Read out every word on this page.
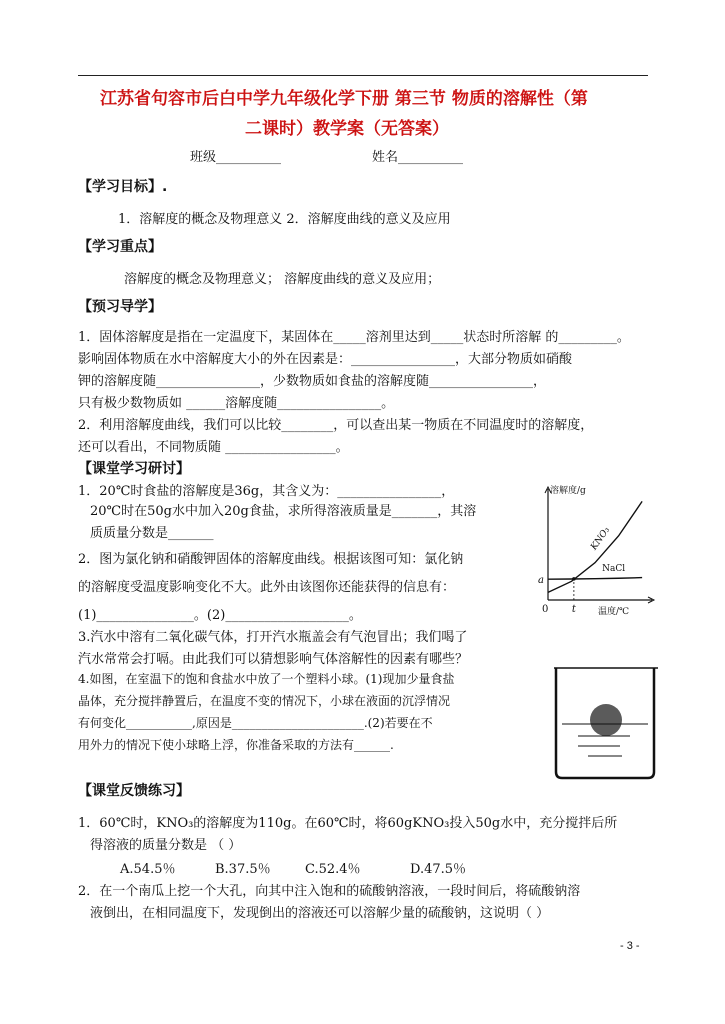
江苏省句容市后白中学九年级化学下册 第三节 物质的溶解性（第
二课时）教学案（无答案）
班级__________	姓名__________
【学习目标】.
1．溶解度的概念及物理意义 2．溶解度曲线的意义及应用
【学习重点】
溶解度的概念及物理意义； 溶解度曲线的意义及应用；
【预习导学】
1．固体溶解度是指在一定温度下，某固体在_____溶剂里达到_____状态时所溶解 的_________。
影响固体物质在水中溶解度大小的外在因素是：________________，大部分物质如硝酸
钾的溶解度随________________，少数物质如食盐的溶解度随________________，
只有极少数物质如 ______溶解度随________________。
2．利用溶解度曲线，我们可以比较________，可以查出某一物质在不同温度时的溶解度，
还可以看出，不同物质随 _________________。
【课堂学习研讨】
1．20℃时食盐的溶解度是36g，其含义为：________________，
20℃时在50g水中加入20g食盐，求所得溶液质量是_______，其溶
质质量分数是_______
2．图为氯化钠和硝酸钾固体的溶解度曲线。根据该图可知：氯化钠
的溶解度受温度影响变化不大。此外由该图你还能获得的信息有：
(1)_______________。(2)___________________。
3.汽水中溶有二氧化碳气体，打开汽水瓶盖会有气泡冒出；我们喝了
汽水常常会打嗝。由此我们可以猜想影响气体溶解性的因素有哪些？
4.如图，在室温下的饱和食盐水中放了一个塑料小球。(1)现加少量食盐
晶体，充分搅拌静置后，在温度不变的情况下，小球在液面的沉浮情况
有何变化___________,原因是______________________.(2)若要在不
用外力的情况下使小球略上浮，你准备采取的方法有______.
【课堂反馈练习】
1．60℃时，KNO₃的溶解度为110g。在60℃时，将60gKNO₃投入50g水中，充分搅拌后所
得溶液的质量分数是 （ ）
A.54.5％	B.37.5％	C.52.4％	D.47.5％
2．在一个南瓜上挖一个大孔，向其中注入饱和的硫酸钠溶液，一段时间后，将硫酸钠溶
液倒出，在相同温度下，发现倒出的溶液还可以溶解少量的硫酸钠，这说明（ ）
- 3 -
溶解度/g
温度/℃
0 t
a
KNO₃
NaCl
